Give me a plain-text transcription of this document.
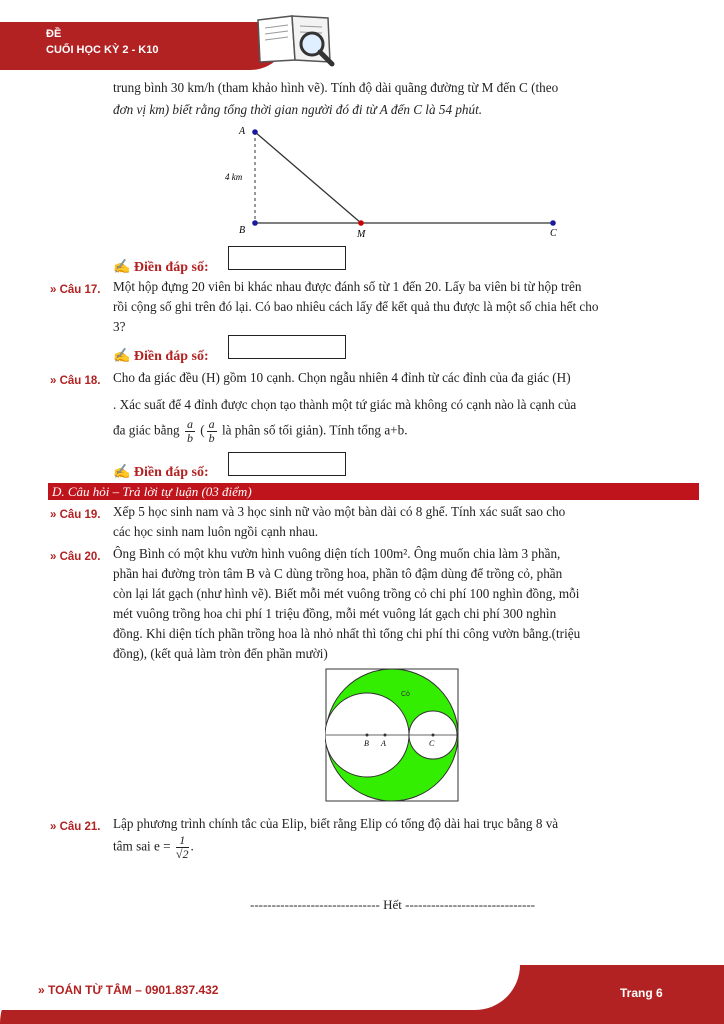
ĐỀ
CUỐI HỌC KỲ 2 - K10
trung bình 30 km/h (tham khảo hình vẽ). Tính độ dài quãng đường từ M đến C (theo
đơn vị km) biết rằng tổng thời gian người đó đi từ A đến C là 54 phút.
A
B	M	C
4 km
✍ Điền đáp số:
» Câu 17. Một hộp đựng 20 viên bi khác nhau được đánh số từ 1 đến 20. Lấy ba viên bi từ hộp trên
rồi cộng số ghi trên đó lại. Có bao nhiêu cách lấy để kết quả thu được là một số chia hết cho
3?
✍ Điền đáp số:
» Câu 18. Cho đa giác đều (H) gồm 10 cạnh. Chọn ngẫu nhiên 4 đỉnh từ các đỉnh của đa giác (H)
. Xác suất để 4 đỉnh được chọn tạo thành một tứ giác mà không có cạnh nào là cạnh của
đa giác bằng $\frac{a}{b}$ ( $\frac{a}{b}$ là phân số tối giản). Tính tổng a+b.
✍ Điền đáp số:
D. Câu hỏi – Trả lời tự luận (03 điểm)
» Câu 19. Xếp 5 học sinh nam và 3 học sinh nữ vào một bàn dài có 8 ghế. Tính xác suất sao cho
các học sinh nam luôn ngồi cạnh nhau.
» Câu 20. Ông Bình có một khu vườn hình vuông diện tích 100m². Ông muốn chia làm 3 phần,
phần hai đường tròn tâm B và C dùng trồng hoa, phần tô đậm dùng để trồng cỏ, phần
còn lại lát gạch (như hình vẽ). Biết mỗi mét vuông trồng cỏ chi phí 100 nghìn đồng, mỗi
mét vuông trồng hoa chi phí 1 triệu đồng, mỗi mét vuông lát gạch chi phí 300 nghìn
đồng. Khi diện tích phần trồng hoa là nhỏ nhất thì tổng chi phí thi công vườn bằng.(triệu
đồng), (kết quả làm tròn đến phần mười)
Cỏ
B A	C
» Câu 21. Lập phương trình chính tắc của Elip, biết rằng Elip có tổng độ dài hai trục bằng 8 và
tâm sai $e = \frac{1}{√2}$ .
------------------------------ Hết ------------------------------
» TOÁN TỪ TÂM – 0901.837.432	Trang 6
